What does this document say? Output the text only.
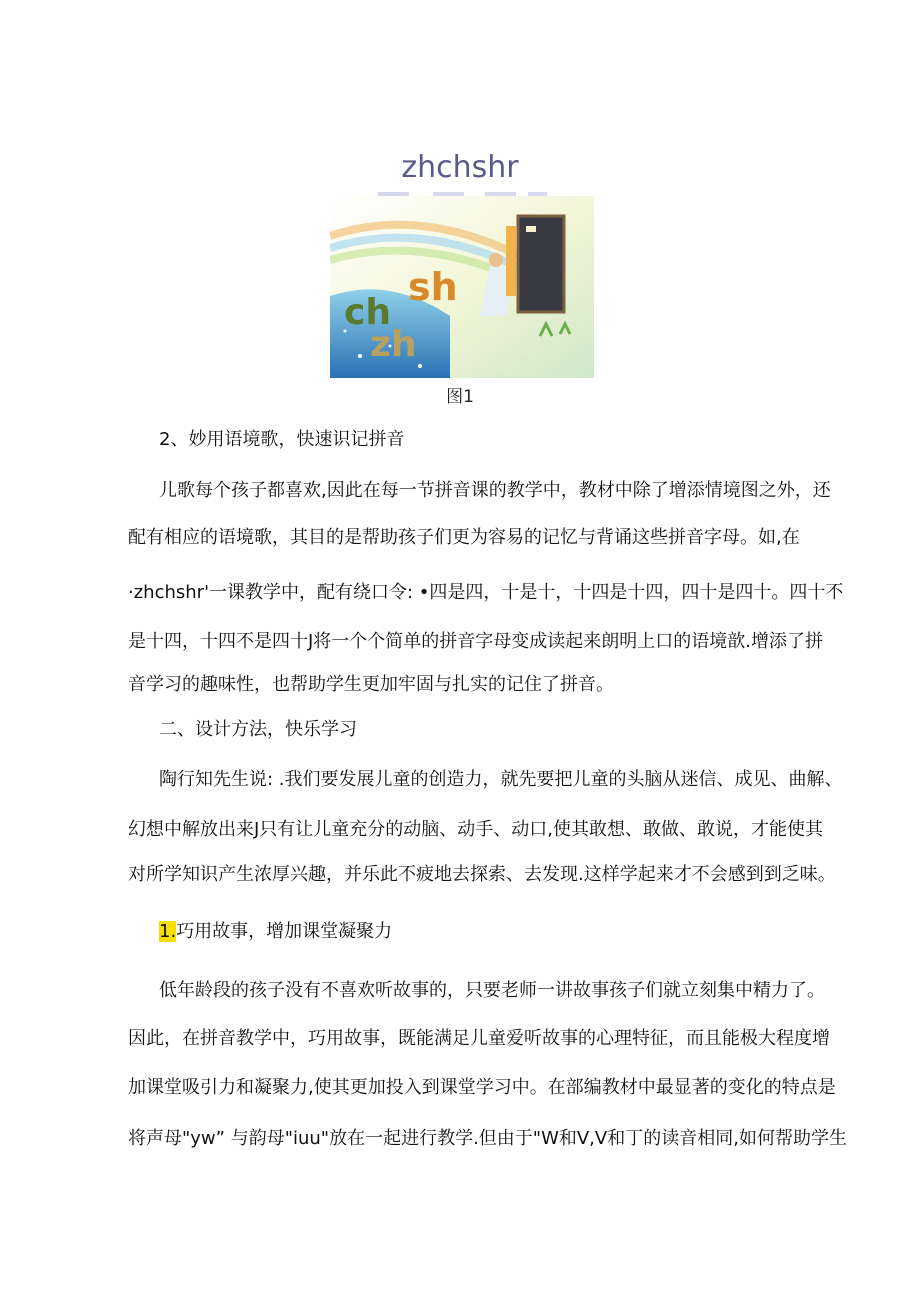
zhchshr
ch
sh
zh
图1
2、妙用语境歌，快速识记拼音
儿歌每个孩子都喜欢,因此在每一节拼音课的教学中，教材中除了增添情境图之外，还
配有相应的语境歌，其目的是帮助孩子们更为容易的记忆与背诵这些拼音字母。如,在
·zhchshr'一课教学中，配有绕口令: •四是四，十是十，十四是十四，四十是四十。四十不
是十四，十四不是四十J将一个个简单的拼音字母变成读起来朗明上口的语境歆.增添了拼
音学习的趣味性，也帮助学生更加牢固与扎实的记住了拼音。
二、设计方法，快乐学习
陶行知先生说: .我们要发展儿童的创造力，就先要把儿童的头脑从迷信、成见、曲解、
幻想中解放出来J只有让儿童充分的动脑、动手、动口,使其敢想、敢做、敢说，才能使其
对所学知识产生浓厚兴趣，并乐此不疲地去探索、去发现.这样学起来才不会感到到乏味。
1.巧用故事，增加课堂凝聚力
低年龄段的孩子没有不喜欢听故事的，只要老师一讲故事孩子们就立刻集中精力了。
因此，在拼音教学中，巧用故事，既能满足儿童爱听故事的心理特征，而且能极大程度增
加课堂吸引力和凝聚力,使其更加投入到课堂学习中。在部编教材中最显著的变化的特点是
将声母"yw” 与韵母"iuu"放在一起进行教学.但由于"W和V,V和丁的读音相同,如何帮助学生
